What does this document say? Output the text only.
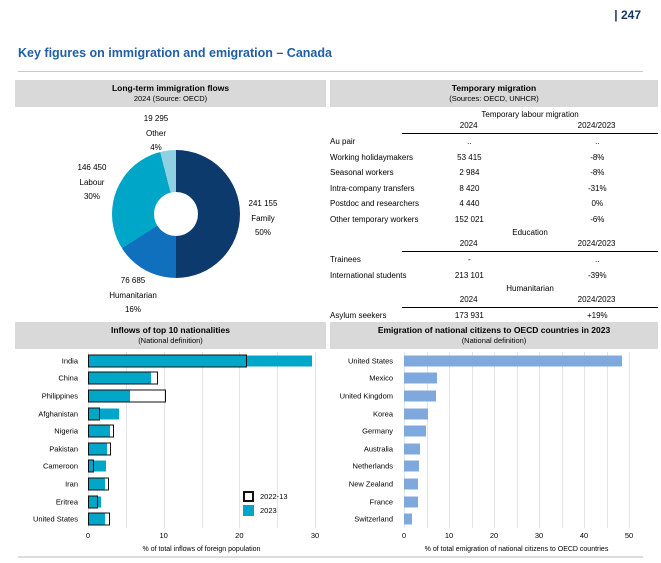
| 247
Key figures on immigration and emigration – Canada
Long-term immigration flows
2024 (Source: OECD)
Temporary migration
(Sources: OECD, UNHCR)
241 155
Family
50%
76 685
Humanitarian
16%
146 450
Labour
30%
19 295
Other
4%
Temporary labour migration
2024	2024/2023
Au pair	..	..
Working holidaymakers	53 415	-8%
Seasonal workers	2 984	-8%
Intra-company transfers	8 420	-31%
Postdoc and researchers	4 440	0%
Other temporary workers	152 021	-6%
Education
2024	2024/2023
Trainees	-	..
International students	213 101	-39%
Humanitarian
2024	2024/2023
Asylum seekers	173 931	+19%
Inflows of top 10 nationalities
(National definition)
Emigration of national citizens to OECD countries in 2023
(National definition)
India
China
Philippines
Afghanistan
Nigeria
Pakistan
Cameroon
Iran
Eritrea
United States
0	10	20	30
% of total inflows of foreign population
2022-13
2023
United States
Mexico
United Kingdom
Korea
Germany
Australia
Netherlands
New Zealand
France
Switzerland
0	10	20	30	40	50
% of total emigration of national citizens to OECD countries
